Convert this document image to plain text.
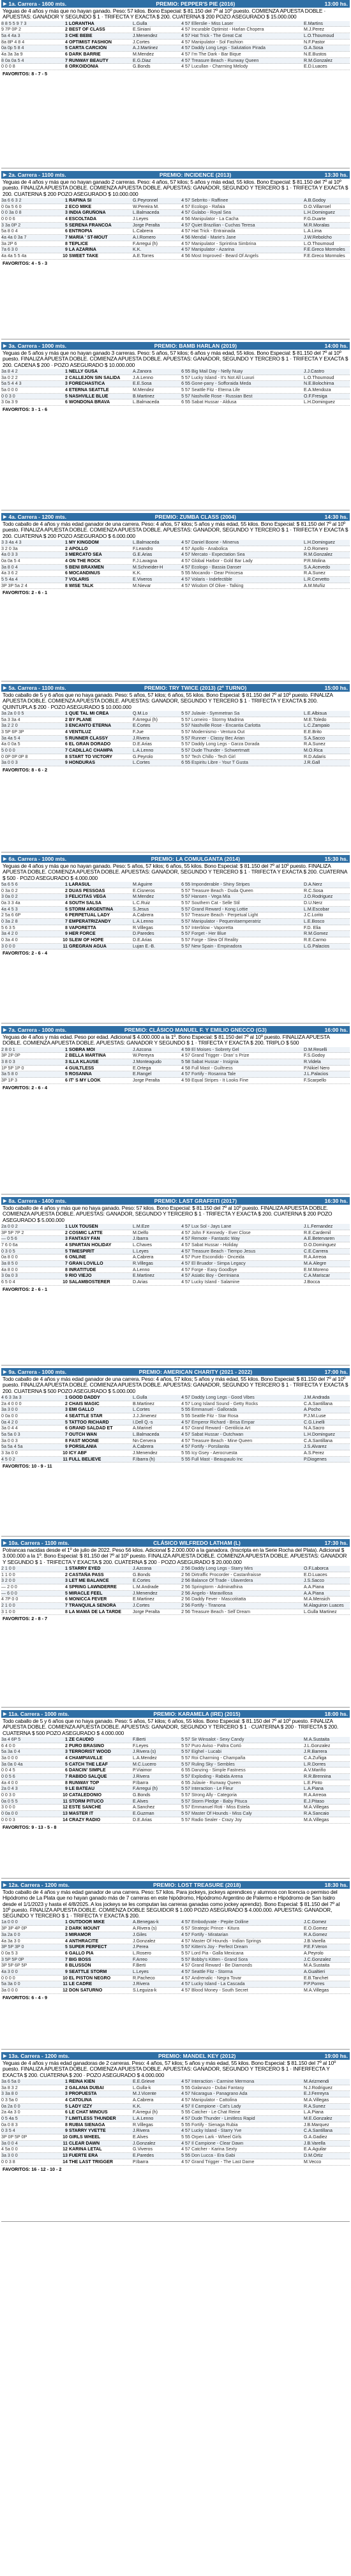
▶ 1a. Carrera - 1600 mts.	PREMIO: PEPPER'S PIE (2016)	13:00 hs.
Yeguas de 4 años y más que no hayan ganado. Peso: 57 kilos. Bono Especial: $ 81.150 del 7º al 10º puesto. COMIENZA APUESTA DOBLE · APUESTAS: GANADOR Y SEGUNDO $ 1 · TRIFECTA Y EXACTA $ 200. CUATERNA $ 200 POZO ASEGURADO $ 15.000.000
8 8 5 5 9 7 3	1 LORANTHA	L.Gulla	4 57 Ellerslie - Miss Laser	E.Martins
9 7P 0P 2	2 BEST OF CLASS	E.Siniani	4 57 Incurable Optimist - Harlan Chopera	M.J.Perez
5a 4 4a 3	3 CHE BEBE	J.Menendez	4 57 Hat Trick - The Great Cat	L.O.Thoumoud
8a 8P 4 8 4	4 OPTIMIST FASHION	J.Cortes	4 57 Manipulator - Sol Fashion	N.F.Pastor
0a 0p 5 8 4	5 CARTA CARCIÓN	A.J.Martinez	4 57 Daddy Long Legs - Salutation Pirada	G.A.Sosa
4a 3a 3a 9	6 DARK BARRIE	M.Mendez	4 57 I'm The Dark - Bar Bique	N.E.Bustos
8 0a 0a 5 4	7 RUNWAY BEAUTY	E.G.Diaz	4 57 Treasure Beach - Runway Queen	R.M.Gonzalez
0 0 0 8	8 ORKOIDONIA	G.Bonds	4 57 Lucullan - Charming Melody	E.D.Luaces
FAVORITOS: 8 - 7 - 5
▶ 2a. Carrera - 1100 mts.	PREMIO: INCIDENCE (2013)	13:30 hs.
Yeguas de 4 años y más que no hayan ganado 2 carreras. Peso: 4 años, 57 kilos; 5 años y más edad, 55 kilos. Bono Especial: $ 81.150 del 7º al 10º puesto. FINALIZA APUESTA DOBLE. COMIENZA APUESTA DOBLE. APUESTAS: GANADOR, SEGUNDO Y TERCERO $ 1 · TRIFECTA Y EXACTA $ 200. CUATERNA $ 200 POZO ASEGURADO $ 10.000.000
3a 6 6 3 2	1 RAFINA SI	G.Peyronnel	4 57 Sebrrito - Raffinee	A.B.Godoy
0 0a 5 6 0	2 ECO MIKE	W.Pereira M.	4 57 Ecologo - Rafaia	D.O.Villarroel
0 0 3a 0 8	3 INDIA GRUÑONA	L.Balmaceda	4 57 Gulabo - Royal Sea	L.H.Dominguez
0 0 0 6	4 ESCOLTADA	J.Leyes	4 56 Manipulator - La Cacha	F.G.Duarte
3 3a 0P 2	5 SERENA FRANCOA	Jorge Peralta	4 57 Quiet Brazilian - Cuchas Teresa	M.R.Moralas
5a 8 0 4	6 ENTROPIA	L.Cabrera	4 57 Hat Trick - Entrainada	L.A.Lima
4a 4a 0 3a 7	7 MARÍA ' ST-MOUT	A.I.Romero	4 56 Mendal - Marie's Jane	J.W.Rebolcho
3a 2P 6	8 TEPLICE	F.Arregui (h)	4 57 Manipulator - Sprintina Simbrina	L.O.Thoumoud
7a 6 3 0	9 LA AZARINA	K.K.	4 57 Manipulator - Azarina	F.E.Greco Mormoles
4a 4a 5 5 4a	10 SWEET TAKE	A.E.Torres	4 56 Most Improved - Beard Of Angels	F.E.Greco Mormoles
FAVORITOS: 4 - 5 - 3
▶ 3a. Carrera - 1000 mts.	PREMIO: BAMB HARLAN (2019)	14:00 hs.
Yeguas de 5 años y más que no hayan ganado 3 carreras. Peso: 5 años, 57 kilos; 6 años y más edad, 55 kilos. Bono Especial: $ 81.150 del 7º al 10º puesto. FINALIZA APUESTA DOBLE. COMIENZA APUESTA DOBLE. APUESTAS: GANADOR, SEGUNDO Y TERCERO $ 1 · TRIFECTA Y EXACTA $ 200. CADENA $ 200 · POZO ASEGURADO $ 10.000.000
3a 8 4 2	1 NELLY GUSA	A.Zanora	6 55 Big Mail Day - Nelly Nuay	J.J.Castro
3a 0 2 2	2 CALLEJÓN SIN SALIDA	J.A.Lenno	5 57 Lucky Island - It's Not All Luxuri	L.O.Thoumoud
5a 5 4 4 3	3 FORECHASTICA	E.E.Sosa	6 55 Gone-pany - Sofforaida Meda	N.E.Bolochirna
5a 0 0 0	4 ETERNA SEATTLE	M.Mendez	5 57 Seattle Fitz - Eterna Life	E.A.Mendoza
0 0 3 0	5 NASHVILLE BLUE	B.Martinez	5 57 Nashville Rose - Russian Best	O.F.Fresiga
3 0a 3 9	6 WONDONA BRAVA	L.Balmaceda	6 55 Sabat Hussar - Aldusa	L.H.Dominguez
FAVORITOS: 3 - 1 - 6
▶ 4a. Carrera - 1200 mts.	PREMIO: ZUMBA CLASS (2004)	14:30 hs.
Todo caballo de 4 años y más edad ganador de una carrera. Peso: 4 años, 57 kilos; 5 años y más edad, 55 kilos. Bono Especial: $ 81.150 del 7º al 10º puesto. FINALIZA APUESTA DOBLE. COMIENZA APUESTA DOBLE. APUESTAS: GANADOR, SEGUNDO Y TERCERO $ 1 · TRIFECTA Y EXACTA $ 200. CUATERNA $ 200 POZO ASEGURADO $ 6.000.000
3 3 4a 4 3	1 MY KINGDOM	L.Balmaceda	4 57 Daniel Boone - Minerva	L.H.Dominguez
3 2 0 3a	2 APOLLO	F.Leandro	4 57 Apollo - Anabolica	J.O.Romero
4a 0 3 3	3 MERCATO SEA	G.E.Arias	4 57 Mercato - Expectation Sea	R.M.Gonzalez
0a 0a 5 4	4 ON THE ROCK	F.J.Lavagna	4 57 Global Harbor - Gold Bar Lady	P.R.Molina
3a 8 0 4	5 BENI BRAXMEN	M.Schneider-H	4 57 Ecologo - Bassia Danser	S.A.Acevedo
4a 3 6 2	6 MOCANDINUS	K.K.	5 55 Mocando - Dear Princesa	R.A.Sunez
5 5 4a 4	7 VOLARIS	E.Viveros	4 57 Volaris - Indefectible	L.R.Cervetto
3P 3P 5a 2 4	8 WISE TALK	M.Nievar	4 57 Wisdom Of Olive - Talking	A.M.Muñiz
FAVORITOS: 2 - 6 - 1
▶ 5a. Carrera - 1100 mts.	PREMIO: TRY TWICE (2013) (2º TURNO)	15:00 hs.
Todo caballo de 5 y 6 años que no haya ganado. Peso: 5 años, 57 kilos; 6 años, 55 kilos. Bono Especial: $ 81.150 del 7º al 10º puesto. FINALIZA APUESTA DOBLE. COMIENZA APUESTA DOBLE. APUESTAS: GANADOR, SEGUNDO Y TERCERO $ 1 · TRIFECTA Y EXACTA $ 200. QUINTUPLA $ 200 · POZO ASEGURADO $ 10.000.000
3a 2a 0 0 5	1 QUE TAL MI CREA	Q.M.Lo	5 57 Julavie - Symmetran Sa	L.E.Albisua
5a 3 3a 4	2 BY PLANE	F.Arregui (h)	5 57 Lomeiro - Stormy Madrina	M.E.Toledo
3a 2 2 0	3 ENCANTO ETERNA	E.Cortes	5 57 Nashville Rose - Encantia Carlotta	L.C.Zampaio
3 5P 6P 3P	4 VENTILUZ	F.Jue	5 57 Modernismo - Ventura Out	E.E.Brito
3a 4a 5 4	5 RUNNER CLASSY	J.Rivera	5 57 Runner - Classy Bec Arian	S.A.Sacco
4a 0 0a 5	6 EL GRAN DORADO	D.E.Arias	5 57 Daddy Long Legs - Garza Dorada	R.A.Sunez
5 0 0 0	7 CADILLAC CHAMPA	L.A.Lenno	5 57 Dude Thunder - Schwertmatt	M.O.Rica
0 0P 0P 0P 8	8 START TO VICTORY	G.Peyrolo	5 57 Tech Chillo - Tech Girl	R.D.Adaris
3a 0 0 3	9 HONDURAS	L.Cortes	6 55 Espiritu Libre - Your T Gusta	J.R.Gall
FAVORITOS: 8 - 6 - 2
▶ 6a. Carrera - 1000 mts.	PREMIO: LA COMULGANTA (2014)	15:30 hs.
Yeguas de 4 años y más que no hayan ganado. Peso: 5 años, 57 kilos; 6 años, 55 kilos. Bono Especial: $ 81.150 del 7º al 10º puesto. FINALIZA APUESTA DOBLE. COMIENZA APUESTA DOBLE. APUESTAS: GANADOR, SEGUNDO Y TERCERO $ 1 · TRIFECTA Y EXACTA $ 200. CUATERNA $ 500 · POZO ASEGURADO $ 4.000.000
5a 6 5 6	1 LARASUL	M.Aguirre	6 55 Imponderable - Shiny Stripes	D.A.Nerz
0 3a 0 2	2 DUAS PESSOAS	E.Cisneros	5 57 Treasure Beach - Duda Queen	R.C.Sosa
3 0a 0 2	3 FELICITAS VEGA	M.Mendez	5 57 Hansen - Vega Mía	J.O.Rodriguez
0a 3 3 4a	4 SOUTH SALSA	L.C.Ruiz	5 57 Southern Cat - Selle Stil	D.U.Nerz
4a 4 5 3	5 STORM ARGENTINA	S.Jesus	5 57 Grand Reward - Kong Lottie	L.M.Escobar
2 5a 6 6P	6 PERPETUAL LADY	A.Cabrera	5 57 Treasure Beach - Perpetual Light	J.C.Lorito
0 3a 2 8	7 EMPERATRIZANDY	L.A.Lenno	5 57 Manipulator - Pequenitaemperatriz	L.E.Bosco
5 6 3 5	8 VAPORETTA	R.Villegas	5 57 Interblow - Vaporetta	F.D. Elia
3a 4 2 0	9 HER FORCE	D.Paredes	5 57 Forget - Her Blue	R.M.Gomez
0 3a 4 0	10 SLEW OF HOPE	D.E.Arias	5 57 Forge - Slew Of Reality	R.E.Carmo
3 0 0 0	11 GREGRAN AGUA	Lujan E.-B.	5 57 New Spain - Empinadora	L.G.Palacios
FAVORITOS: 2 - 6 - 4
▶ 7a. Carrera - 1000 mts.	PREMIO: CLÁSICO MANUEL F. Y EMILIO GNECCO (G3)	16:00 hs.
Yeguas de 4 años y más edad. Peso por edad. Adicional $ 4.000.000 a la 1º. Bono Especial: $ 81.150 del 7º al 10º puesto. FINALIZA APUESTA DOBLE. COMIENZA APUESTA DOBLE. APUESTAS: GANADOR Y SEGUNDO $ 1 · TRIFECTA Y EXACTA $ 200. TRIPLO $ 500
2 8 0 1	1 SOBRA MOI	J.Azcona	4 59 El Moises - Sobrety Gel	D.M.Reselli
3P 2P 0P	2 BELLA MARTINA	W.Pereyra	4 57 Grand Trigger - Dran' s Prize	F.S.Godoy
3 8 0 3	3 ILLA KLAUSE	J.Monteagudo	5 58 Sabat Hussar - Insignia	R.Videla
1P 5P 1P 0	4 GUILTLESS	E.Ortega	4 58 Full Mast - Guiltness	P.Nikiel Nero
3a 5 8 0	5 ROSANNA	E.Rangel	4 57 Fortify - Rosanna Tale	J.L.Palacios
3P 1P 3	6 IT' S MY LOOK	Jorge Peralta	4 59 Equal Stripes - It Looks Fine	F.Scarpello
FAVORITOS: 2 - 6 - 4
▶ 8a. Carrera - 1400 mts.	PREMIO: LAST GRAFFITI (2017)	16:30 hs.
Todo caballo de 4 años y más que no haya ganado. Peso: 57 kilos. Bono Especial: $ 81.150 del 7º al 10º puesto. FINALIZA APUESTA DOBLE. COMIENZA APUESTA DOBLE. APUESTAS: GANADOR, SEGUNDO Y TERCERO $ 1 · TRIFECTA Y EXACTA $ 200. CUATERNA $ 200 POZO ASEGURADO $ 5.000.000
2a 0 0 2	1 LUX TOUSEN	L.M.Eze	4 57 Lux Sol - Jays Lane	J.L.Fernandez
3P 5P 7P 2	2 COSMIC LATTE	M.Delfo	4 57 John F Kennedy - Ever Close	R.E.Cardemil
— 0 5 6	3 FANTASY FAN	J.Ibarra	4 57 Remote - Fantastic Way	A.E.Betervaren
7 6 0 6a	4 SPARTAN HOLIDAY	L.Chaves	4 57 Sabat Hussar - Holiday	D.O.Dominguez
0 3 0 5	5 TIMESPIRIT	L.Leyes	4 57 Treasure Beach - Tiempo Jesus	C.E.Carrera
0a 8 0 0	6 ONLINE	A.Cabrera	4 57 Pure Escondido - Onceida	R.A.Arreoa
3a 8 5 0	7 GRAN LOVILLO	R.Villegas	4 57 El Bruador - Simpa Legacy	M.A.Alegre
4a 8 0 0	8 INRATITUDE	A.Lenno	4 57 Forge - Easy Goodbye	E.M.Moreno
3 0a 0 3	9 RIO VIEJO	E.Martinez	4 57 Asiatic Boy - Oerriniana	C.A.Mariscar
6 5 0 4	10 SALAMBOSTERER	D.Arias	4 57 Lucky Island - Salamine	J.Bocca
FAVORITOS: 2 - 6 - 1
▶ 9a. Carrera - 1000 mts.	PREMIO: AMERICAN CHARITY (2021 - 2022)	17:00 hs.
Todo caballo de 4 años y más edad ganador de una carrera. Peso: 4 años, 57 kilos; 5 años y más edad, 55 kilos. Bono Especial: $ 81.150 del 7º al 10º puesto. FINALIZA APUESTA DOBLE. COMIENZA APUESTA DOBLE. APUESTAS: GANADOR, SEGUNDO Y TERCERO $ 1 · TRIFECTA Y EXACTA $ 200. CUATERNA $ 500 POZO ASEGURADO $ 5.000.000
4 6 3 3a 3	1 GOOD DADDY	L.Gulla	4 57 Daddy Long Legs - Good Vibes	J.M.Andrada
2a 4 0 0 0	2 CHAIS MAGIC	B.Martinez	4 57 Long Island Sound - Getty Rocks	C.A.Santillana
3a 3 0 0	3 EMI GALLO	L.Cortes	5 55 Emmanuel - Gallorada	A.Pocho
0 0a 0 0	4 SEATTLE STAR	J.J.Jimenez	5 55 Seattle Fitz - Star Rosa	P.J.M.Luse
0a 4 2 0	5 TATTOO RICHARD	I.Dell Q.-s	4 57 Emperor Richard - Brisa Empar	C.G.Linelli
3a 0 4 4	6 GRAND SALDAD ET	A.Marinel	4 57 Grand Reward - Gentilicia Art	N.A.Sacro
5a 5a 0 3	7 OUTCH WAN	L.Balmaceda	4 57 Sabat Hussar - Outchwan	L.H.Dominguez
3a 0 0 3	8 FAST MOONE	Nn Cervera	4 57 Treasure Beach - Mine Queen	C.A.Santillana
5a 5a 4 5a	9 PORSILANIA	A.Cabrera	4 57 Fortify - Porsilanita	J.S.Alvarez
3 3a 0 0	10 ICY ABF	J.Menendez	5 55 Icy Gsey - Aerocruesta	A.S.Perez
4 5 0 2	11 FULL BELIEVE	F.Ibarra (h)	5 55 Full Mast - Beaupaulo Inc	P.Diogenes
FAVORITOS: 10 - 9 - 11
▶ 10a. Carrera - 1100 mts.	CLÁSICO WILFREDO LATHAM (L)	17:30 hs.
Potrancas nacidas desde el 1º de julio de 2022. Peso 56 kilos. Adicional $ 2.000.000 a la ganadora. (Inscripta en la Serie Rocha del Plata). Adicional $ 3.000.000 a la 1º. Bono Especial: $ 81.150 del 7º al 10º puesto. FINALIZA APUESTA DOBLE. COMIENZA APUESTA DOBLE. APUESTAS: GANADOR Y SEGUNDO $ 1 · TRIFECTA Y EXACTA $ 200. CUATERNA $ 200 · POZO ASEGURADO $ 20.000.000
2 1 0 0	1 STARRY EYED	J.Azcona	2 56 Daddy Long Legs - Starry Mirs	O.F.Laborca
1 1 0 0	2 CASTAÑA PASS	G.Bonds	2 56 Dirtraffic Procorder - Castanfraisse	E.D.Luaces
3 2 0 0	3 LET ME BALANCE	E.Cortes	2 56 Balance Of Trade - Ulaverdera	J.S.Sacco
— 2 0 0	4 SPRING LAWNDERRE	L.M.Andrade	2 56 Springtorm - Adminathina	A.A.Piana
— 6 0 0	5 MIRACLE FEEL	J.Menendez	2 56 Angelo - Maravillosa	A.A.Piana
4 7P 0 0	6 MONICCA FEVER	E.Martinez	2 56 Daddy Fever - Mascotitatta	M.A.Mensich
2 1 0 0	7 TRANQUILA SENORA	J.Cortes	2 56 Fortify - Tiranona	M.Alaguiron Luaces
3 1 0 0	8 LA MAMÁ DE LA TARDE	Jorge Peralta	2 56 Treasure Beach - Self Dream	L.Gulla Martinez
FAVORITOS: 2 - 8 - 7
▶ 11a. Carrera - 1000 mts.	PREMIO: KARAMELA (IRE) (2015)	18:00 hs.
Todo caballo de 5 y 6 años que no haya ganado. Peso: 5 años, 57 kilos; 6 años, 55 kilos. Bono Especial: $ 81.150 del 7º al 10º puesto. FINALIZA APUESTA DOBLE. COMIENZA APUESTA DOBLE. APUESTAS: GANADOR, SEGUNDO Y TERCERO $ 1 · CUATERNA $ 200 · TRIFECTA $ 200. CUATERNA $ 500 POZO ASEGURADO $ 4.000.000
3a 4 6P 5	1 ZE CAUDIO	F.Berti	5 57 Sir Winsalot - Sexy Candy	M.A.Sustaita
6 4 0 0	2 PURO BRASINO	F.Leyes	5 57 Puro Aviso - Paltra Cortó	J.L.Gonzalez
5a 3a 0 4	3 TERRORIST WOOD	J.Rivera (s)	5 57 Eighel - Lucabi	J.R.Barrera
3a 0 0 0	4 CHAMPIAVILLE	L.A.Mendez	5 57 Roi Charming - Champaña	C.A.Zuñiga
3a 0a 0 4a	5 CATCH THE LEAF	M.C.Lucero	5 57 Ruling Sky - Sembles	L.R.Dorres
0 0 4 5	6 DANCIN' SIMPLE	P.Viaimor	6 55 Danzing - Simple Fastness	A.V.Mariño
0 0 5 6	7 RABIDO SALQUE	J.Rivera	5 57 Exploding - Rabida Arena	R.R.Brennina
4a 4 0 0	8 RUNWAY TOP	P.Ibarra	6 55 Julavie - Runway Queen	L.E.Pinto
2a 0 4 3	9 LE BATEAU	F.Arregui (h)	5 57 Interaction - Le Fleur	L.A.Piana
0 0 3 0	10 CATALEDONIO	G.Bonds	5 57 Strong Ally - Categoria	R.A.Arreoa
0a 0 5 5	11 STORM PITUCO	E.Alves	5 57 Storm Pledge - Baby Pituca	E.J.Pitaso
3 0 0 0	12 ESTE SANCHE	A.Sanchez	5 57 Emmanuel Roti - Miss Estela	M.A.Villegas
0 0a 0 0	13 MASTER IT	E.Guzman	5 57 Master Of Hounds - Miss Caly	R.A.Sancaio
0 0 0 3	14 CRAZY RADIO	D.E.Arias	5 57 Radio Sealer - Crazy Joy	M.A.Villegas
FAVORITOS: 9 - 13 - 5 - 8
▶ 12a. Carrera - 1200 mts.	PREMIO: LOST TREASURE (2018)	18:30 hs.
Todo caballo de 4 años y más edad ganador de una carrera. Peso: 57 kilos. Para jockeys, jockeys aprendices y alumnos con licencia o permiso del Hipódromo de La Plata que no hayan ganado más de 7 carreras en este hipódromo, Hipódromo Argentino de Palermo e Hipódromo de San Isidro desde el 1/1/2023 y hasta el 4/8/2025. A los jockeys se les computan las carreras ganadas como jockey aprendiz). Bono Especial: $ 81.150 del 7º al 10º puesto. FINALIZA APUESTA DOBLE. COMIENZA DOBLE SEGUIDOR $ 1.000 POZO ASEGURADO $ 4.000.000. APUESTAS: GANADOR, SEGUNDO Y TERCERO $ 1 · TRIFECTA Y EXACTA $ 200.
1a 0 0 0	1 OUTDOOR MIKE	A.Benegas-k	4 57 Embodyvate - Pepite Dolline	J.C.Gomez
3P 3P 4P 0P	2 DARK MOUNT	A.Rivera (s)	6 57 Strategic Prince - Kitura	E.O.Gomez
3a 2a 0 0	3 MIRAMOR	J.Giles	4 57 Fortify - Miratarian	R.A.Gomez
4a 3a 3 0	4 ANTHRACITE	J.Gonzalez	4 57 Master Of Hounds - Indian Springs	J.B.Varella
3P 5P 3P 0	5 SUPER PERFECT	J.Perea	5 57 Kitten's Joy - Perfect Dream	P.E.F.Veron
0 0a 5 3	6 GALLO PIA	L.Rosero	5 57 Lord Pia - Galla Mexicana	A.Peyrolo
3 5P 5P 0P	7 BIG BOSS	F.Arreo	5 57 Bobby's Kitten - Grand Sora	J.C.Gonzalez
3P 5P 6P 5P	8 BLUSSON	F.Berti	4 57 Grand Reward - Be Diamonds	M.A.Sustaita
4a 3 0 0	9 SEATTLE STORM	L.Leyes	4 57 Seattle Fitz - Storma	A.Gualtieri
0 0 0 0	10 EL PISTON NEGRO	R.Pacheco	4 57 Andrenalic - Negra Tovar	E.B.Tanchet
5a 3a 0 0	11 LE CADRE	J.Rivera	4 57 Lucky Island - La Cascada	P.P.Porres
3a 0 0 0	12 DON SATURNO	S.Leguiza-k	4 57 Blood Money - South Secret	M.A.Villegas
FAVORITOS: 6 - 4 - 9
▶ 13a. Carrera - 1200 mts.	PREMIO: MANDEL KEY (2012)	19:00 hs.
Yeguas de 4 años y más edad ganadoras de 2 carreras. Peso: 4 años, 57 kilos; 5 años y más edad, 55 kilos. Bono Especial: $ 81.150 del 7º al 10º puesto. FINALIZA APUESTA DOBLE. COMIENZA APUESTA DOBLE. APUESTAS: GANADOR, SEGUNDO Y TERCERO $ 1 · INFERFECTA Y EXACTA $ 200. CUATERNA $ 200 · POZO ASEGURADO $ 4.000.000
3a 6 5a 0	1 REINA KIEN	E.E.Grieve	4 57 Interaction - Carmine Mermona	M.Arizmendi
3a 8 3 2	2 GALANA DUBAI	L.Gulla-k	5 55 Galanazo - Dubai Fantasy	N.J.Rodriguez
3 3a 8 0	3 PROPUESTA	M.J.Vicente	4 57 Nicaragua - Panagrano Ada	E.J.Ferreyra
0 3 5a 0	4 CATOLINA	A.Cabrera	4 57 Manipulator - Cattolina	M.A.Villegas
0a 2a 0 0	5 LADY IZZY	K.K.	4 57 Il Campione - Cat's Lady	R.A.Sunez
2a 4a 3 0	6 LE CHAT MINOUS	F.Arregui (h)	5 55 Catcher - Le Chat Reine	L.A.Piana
0 5 4a 5	7 LIMITLESS THUNDER	L.A.Lenno	4 57 Dude Thunder - Limitless Rapid	M.E.Gonzalez
0a 0 8 3	8 RUBIA SIENAGA	R.Villegas	5 55 Fortify - Sienaga Rubia	J.B.Marquez
0 3 5 4	9 STARRY YVETTE	J.Rivera	4 57 Lucky Island - Starry Yve	C.A.Santillana
3P 0P 5P 0P	10 GIRLS WHEEL	E.Alves	5 55 Orpen Lark - Wheel Girls	G.A.Gadiez
3a 0 0 4	11 CLEAR DAWN	J.Gonzalez	4 57 Il Campione - Clear Dawn	J.B.Varella
4 5a 0 0	12 KARINA LETAL	G.Viveros	4 57 Catcher - Karina Sexty	E.A.Aguilar
3a 3 0 0	13 FUERTE ERA	E.Paredes	5 55 Don Lucca - Era Gabi	D.M.Ortiz
0 0 3 8	14 THE LAST TRIGGER	P.Ibarra	4 57 Grand Trigger - The Last Dame	M.Vecco
FAVORITOS: 16 - 12 - 10 - 2
